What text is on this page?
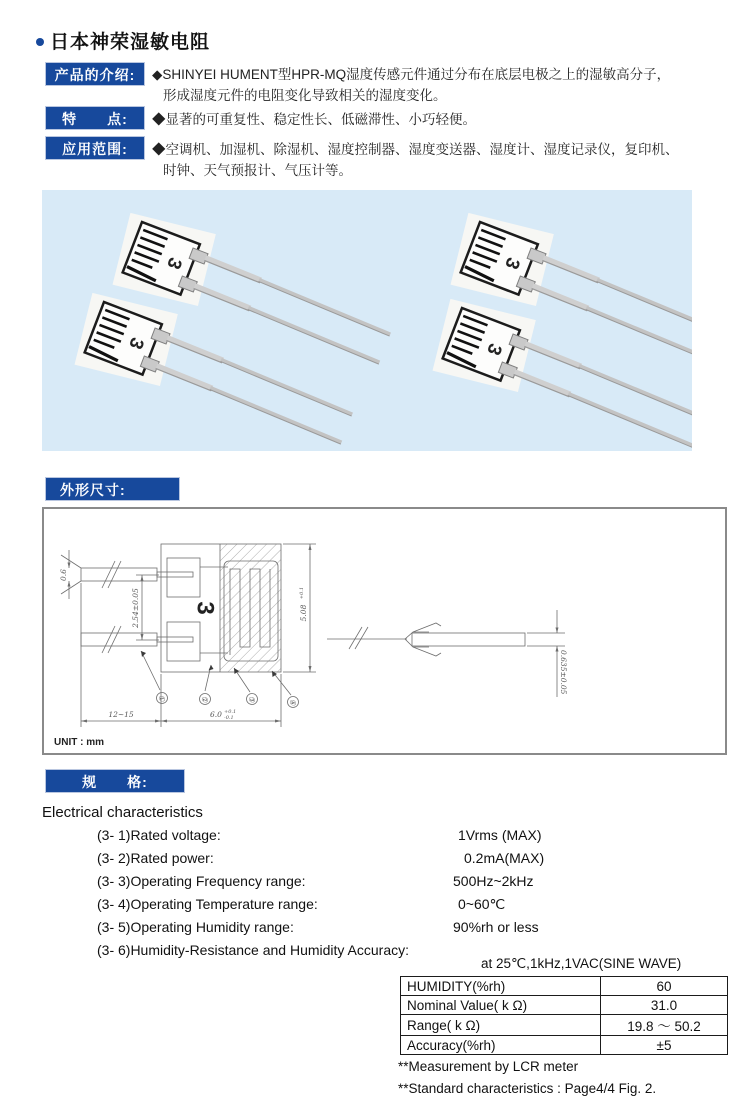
日本神荣湿敏电阻
产品的介绍:	◆SHINYEI HUMENT型HPR-MQ湿度传感元件通过分布在底层电极之上的湿敏高分子，
形成湿度元件的电阻变化导致相关的湿度变化。
特　　点:	◆显著的可重复性、稳定性长、低磁滞性、小巧轻便。
应用范围:	◆空调机、加湿机、除湿机、湿度控制器、湿度变送器、湿度计、湿度记录仪，复印机、
时钟、天气预报计、气压计等。
3
外形尺寸:
3
0.6
2.54±0.05	5.08
+0.1
12~15	6.0 +0.1
-0.1
0.635±0.05
①	②	③	④
UNIT : mm
规　　格:
Electrical characteristics
(3- 1)Rated voltage:	1Vrms (MAX)
(3- 2)Rated power:	0.2mA(MAX)
(3- 3)Operating Frequency range:	500Hz~2kHz
(3- 4)Operating Temperature range:	0~60℃
(3- 5)Operating Humidity range:	90%rh or less
(3- 6)Humidity-Resistance and Humidity Accuracy:
at 25℃,1kHz,1VAC(SINE WAVE)
HUMIDITY(%rh)	60
Nominal Value( k Ω)	31.0
Range( k Ω)	19.8 ～ 50.2
Accuracy(%rh)	±5
**Measurement by LCR meter
**Standard characteristics : Page4/4 Fig. 2.
